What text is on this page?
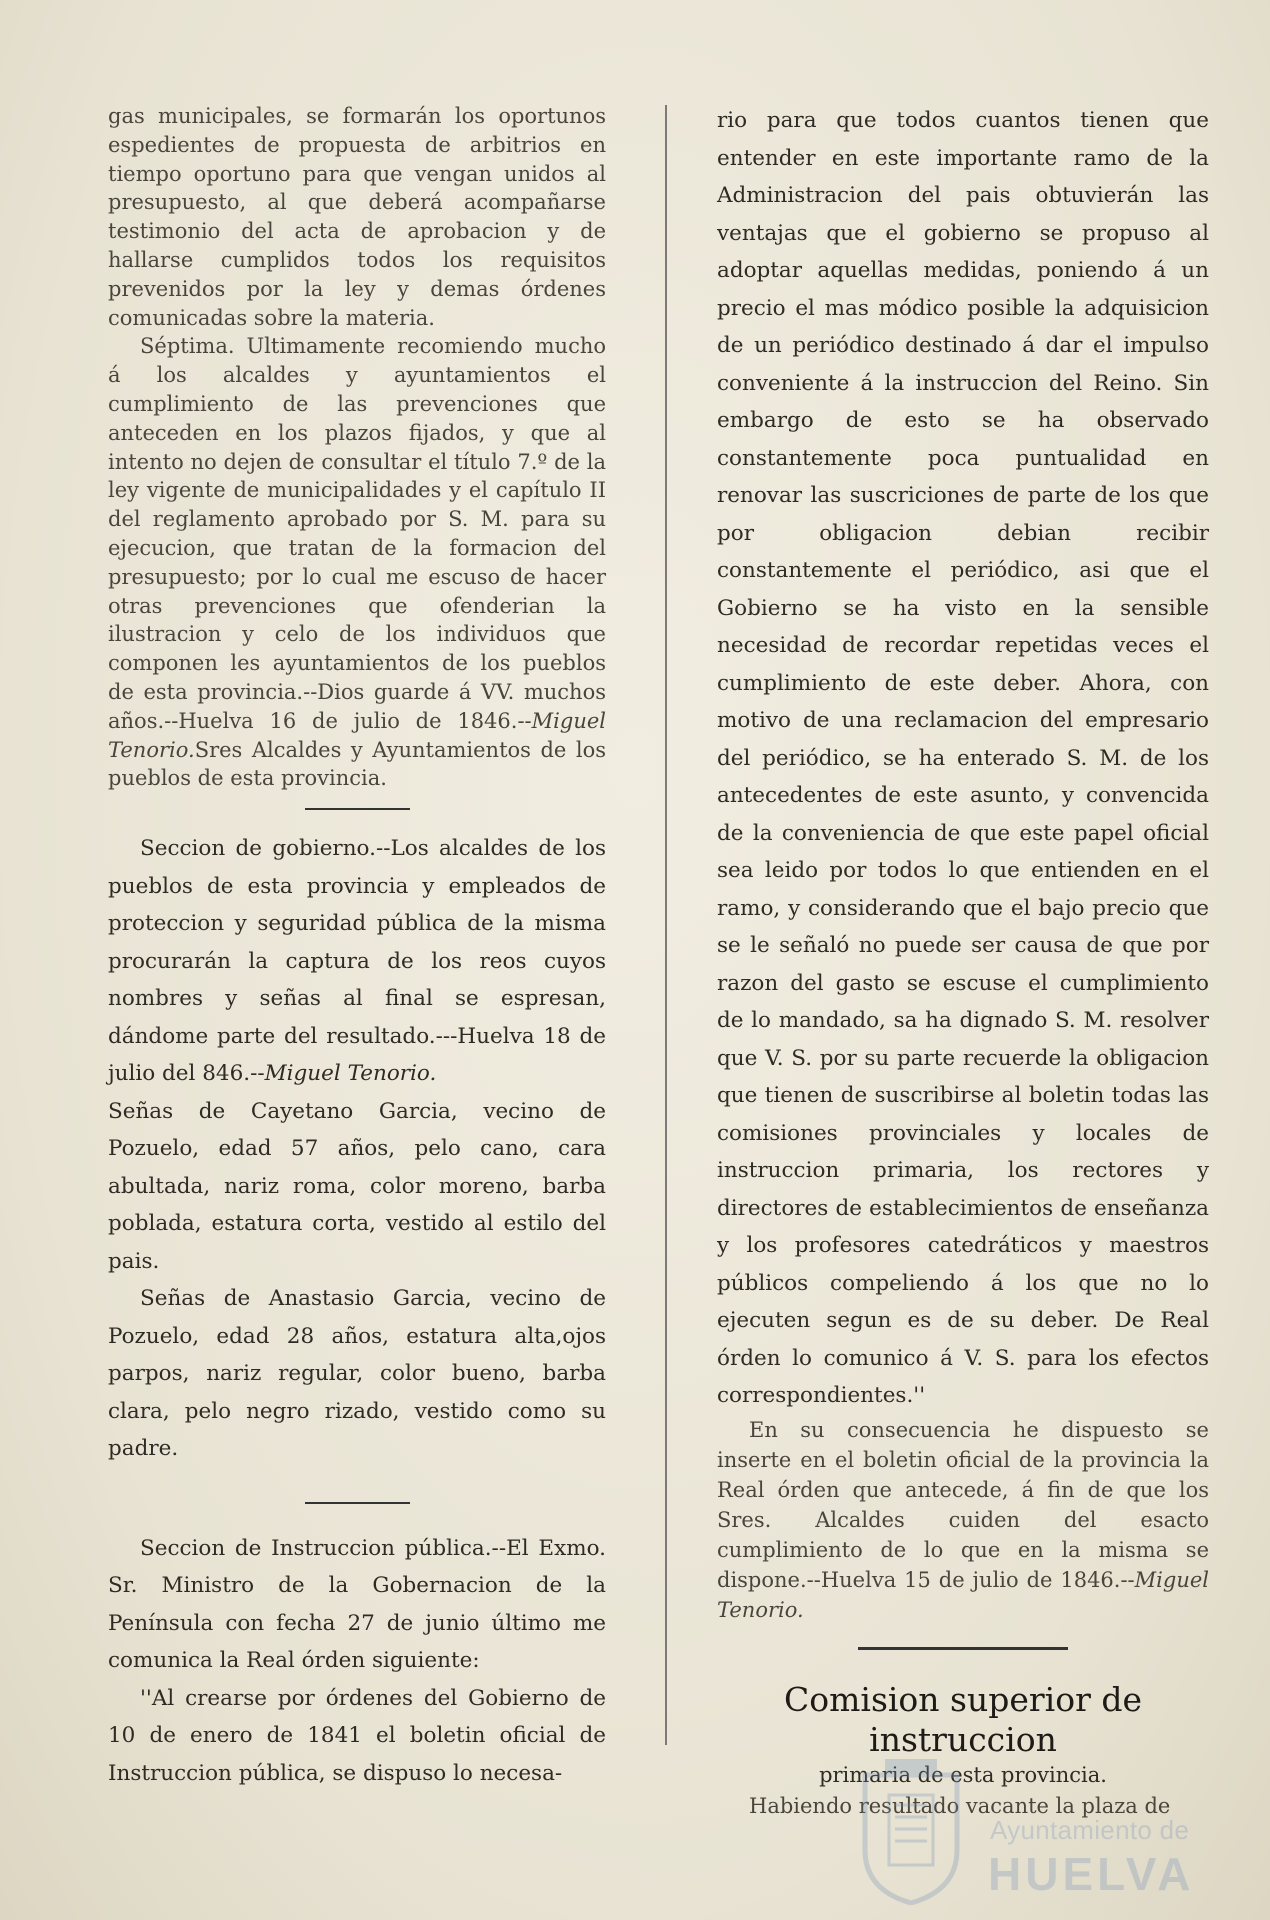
gas municipales, se formarán los oportunos espedientes de propuesta de arbitrios en tiempo oportuno para que vengan unidos al presupuesto, al que deberá acompañarse testimonio del acta de aprobacion y de hallarse cumplidos todos los requisitos prevenidos por la ley y demas órdenes comunicadas sobre la materia.

Séptima. Ultimamente recomiendo mucho á los alcaldes y ayuntamientos el cumplimiento de las prevenciones que anteceden en los plazos fijados, y que al intento no dejen de consultar el título 7.º de la ley vigente de municipalidades y el capítulo II del reglamento aprobado por S. M. para su ejecucion, que tratan de la formacion del presupuesto; por lo cual me escuso de hacer otras prevenciones que ofenderian la ilustracion y celo de los individuos que componen les ayuntamientos de los pueblos de esta provincia.--Dios guarde á VV. muchos años.--Huelva 16 de julio de 1846.--Miguel Tenorio.Sres Alcaldes y Ayuntamientos de los pueblos de esta provincia.

Seccion de gobierno.--Los alcaldes de los pueblos de esta provincia y empleados de proteccion y seguridad pública de la misma procurarán la captura de los reos cuyos nombres y señas al final se espresan, dándome parte del resultado.---Huelva 18 de julio del 846.--Miguel Tenorio.

Señas de Cayetano Garcia, vecino de Pozuelo, edad 57 años, pelo cano, cara abultada, nariz roma, color moreno, barba poblada, estatura corta, vestido al estilo del pais.

Señas de Anastasio Garcia, vecino de Pozuelo, edad 28 años, estatura alta,ojos parpos, nariz regular, color bueno, barba clara, pelo negro rizado, vestido como su padre.

Seccion de Instruccion pública.--El Exmo. Sr. Ministro de la Gobernacion de la Península con fecha 27 de junio último me comunica la Real órden siguiente:

''Al crearse por órdenes del Gobierno de 10 de enero de 1841 el boletin oficial de Instruccion pública, se dispuso lo necesa-

rio para que todos cuantos tienen que entender en este importante ramo de la Administracion del pais obtuvierán las ventajas que el gobierno se propuso al adoptar aquellas medidas, poniendo á un precio el mas módico posible la adquisicion de un periódico destinado á dar el impulso conveniente á la instruccion del Reino. Sin embargo de esto se ha observado constantemente poca puntualidad en renovar las suscriciones de parte de los que por obligacion debian recibir constantemente el periódico, asi que el Gobierno se ha visto en la sensible necesidad de recordar repetidas veces el cumplimiento de este deber. Ahora, con motivo de una reclamacion del empresario del periódico, se ha enterado S. M. de los antecedentes de este asunto, y convencida de la conveniencia de que este papel oficial sea leido por todos lo que entienden en el ramo, y considerando que el bajo precio que se le señaló no puede ser causa de que por razon del gasto se escuse el cumplimiento de lo mandado, sa ha dignado S. M. resolver que V. S. por su parte recuerde la obligacion que tienen de suscribirse al boletin todas las comisiones provinciales y locales de instruccion primaria, los rectores y directores de establecimientos de enseñanza y los profesores catedráticos y maestros públicos compeliendo á los que no lo ejecuten segun es de su deber. De Real órden lo comunico á V. S. para los efectos correspondientes.''

En su consecuencia he dispuesto se inserte en el boletin oficial de la provincia la Real órden que antecede, á fin de que los Sres. Alcaldes cuiden del esacto cumplimiento de lo que en la misma se dispone.--Huelva 15 de julio de 1846.--Miguel Tenorio.

Comision superior de instruccion

primaria de esta provincia.

Habiendo resultado vacante la plaza de

Ayuntamiento de
HUELVA
